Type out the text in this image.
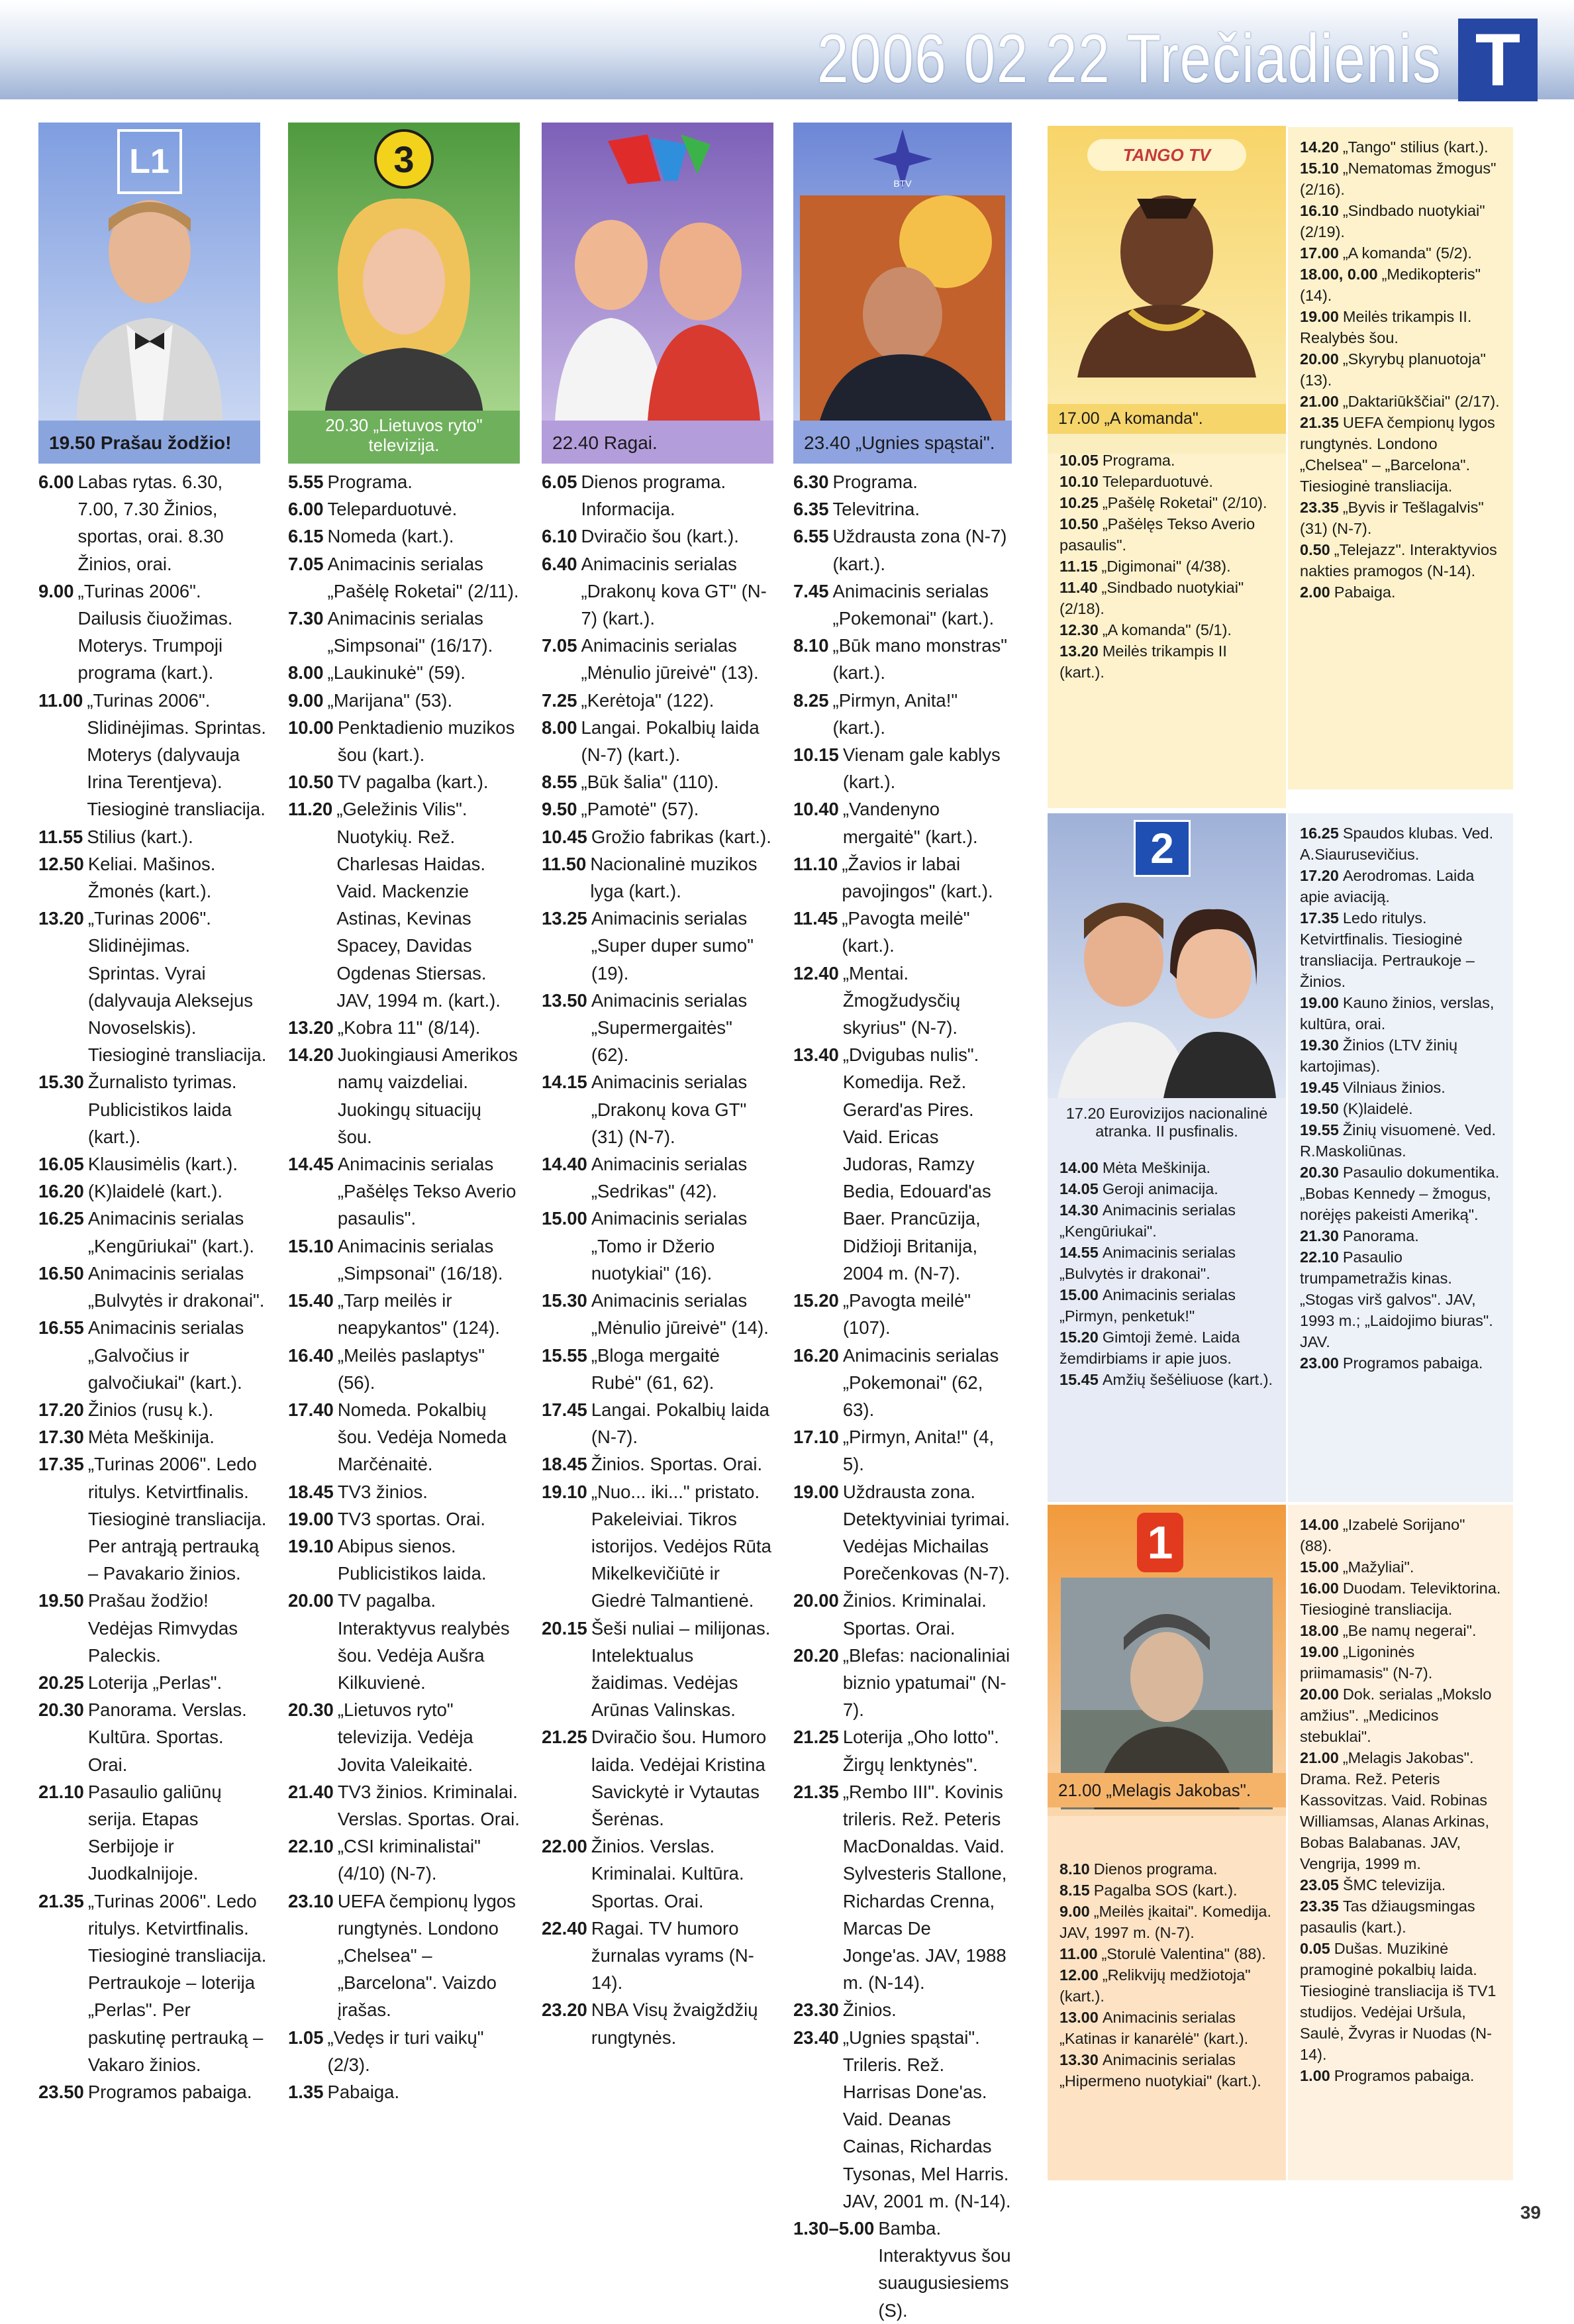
2006 02 22 Trečiadienis T
L1
19.50 Prašau žodžio!
6.00 Labas rytas. 6.30, 7.00, 7.30 Žinios, sportas, orai. 8.30 Žinios, orai.
9.00 „Turinas 2006". Dailusis čiuožimas. Moterys. Trumpoji programa (kart.).
11.00 „Turinas 2006". Slidinėjimas. Sprintas. Moterys (dalyvauja Irina Terentjeva). Tiesioginė transliacija.
11.55 Stilius (kart.).
12.50 Keliai. Mašinos. Žmonės (kart.).
13.20 „Turinas 2006". Slidinėjimas. Sprintas. Vyrai (dalyvauja Aleksejus Novoselskis). Tiesioginė transliacija.
15.30 Žurnalisto tyrimas. Publicistikos laida (kart.).
16.05 Klausimėlis (kart.).
16.20 (K)laidelė (kart.).
16.25 Animacinis serialas „Kengūriukai" (kart.).
16.50 Animacinis serialas „Bulvytės ir drakonai".
16.55 Animacinis serialas „Galvočius ir galvočiukai" (kart.).
17.20 Žinios (rusų k.).
17.30 Mėta Meškinija.
17.35 „Turinas 2006". Ledo ritulys. Ketvirtfinalis. Tiesioginė transliacija. Per antrąją pertrauką – Pavakario žinios.
19.50 Prašau žodžio! Vedėjas Rimvydas Paleckis.
20.25 Loterija „Perlas".
20.30 Panorama. Verslas. Kultūra. Sportas. Orai.
21.10 Pasaulio galiūnų serija. Etapas Serbijoje ir Juodkalnijoje.
21.35 „Turinas 2006". Ledo ritulys. Ketvirtfinalis. Tiesioginė transliacija. Pertraukoje – loterija „Perlas". Per paskutinę pertrauką – Vakaro žinios.
23.50 Programos pabaiga.
3
20.30 „Lietuvos ryto" televizija.
5.55 Programa.
6.00 Teleparduotuvė.
6.15 Nomeda (kart.).
7.05 Animacinis serialas „Pašėlę Roketai" (2/11).
7.30 Animacinis serialas „Simpsonai" (16/17).
8.00 „Laukinukė" (59).
9.00 „Marijana" (53).
10.00 Penktadienio muzikos šou (kart.).
10.50 TV pagalba (kart.).
11.20 „Geležinis Vilis". Nuotykių. Rež. Charlesas Haidas. Vaid. Mackenzie Astinas, Kevinas Spacey, Davidas Ogdenas Stiersas. JAV, 1994 m. (kart.).
13.20 „Kobra 11" (8/14).
14.20 Juokingiausi Amerikos namų vaizdeliai. Juokingų situacijų šou.
14.45 Animacinis serialas „Pašėlęs Tekso Averio pasaulis".
15.10 Animacinis serialas „Simpsonai" (16/18).
15.40 „Tarp meilės ir neapykantos" (124).
16.40 „Meilės paslaptys" (56).
17.40 Nomeda. Pokalbių šou. Vedėja Nomeda Marčėnaitė.
18.45 TV3 žinios.
19.00 TV3 sportas. Orai.
19.10 Abipus sienos. Publicistikos laida.
20.00 TV pagalba. Interaktyvus realybės šou. Vedėja Aušra Kilkuvienė.
20.30 „Lietuvos ryto" televizija. Vedėja Jovita Valeikaitė.
21.40 TV3 žinios. Kriminalai. Verslas. Sportas. Orai.
22.10 „CSI kriminalistai" (4/10) (N-7).
23.10 UEFA čempionų lygos rungtynės. Londono „Chelsea" – „Barcelona". Vaizdo įrašas.
1.05 „Vedęs ir turi vaikų" (2/3).
1.35 Pabaiga.
22.40 Ragai.
6.05 Dienos programa. Informacija.
6.10 Dviračio šou (kart.).
6.40 Animacinis serialas „Drakonų kova GT" (N-7) (kart.).
7.05 Animacinis serialas „Mėnulio jūreivė" (13).
7.25 „Kerėtoja" (122).
8.00 Langai. Pokalbių laida (N-7) (kart.).
8.55 „Būk šalia" (110).
9.50 „Pamotė" (57).
10.45 Grožio fabrikas (kart.).
11.50 Nacionalinė muzikos lyga (kart.).
13.25 Animacinis serialas „Super duper sumo" (19).
13.50 Animacinis serialas „Supermergaitės" (62).
14.15 Animacinis serialas „Drakonų kova GT" (31) (N-7).
14.40 Animacinis serialas „Sedrikas" (42).
15.00 Animacinis serialas „Tomo ir Džerio nuotykiai" (16).
15.30 Animacinis serialas „Mėnulio jūreivė" (14).
15.55 „Bloga mergaitė Rubė" (61, 62).
17.45 Langai. Pokalbių laida (N-7).
18.45 Žinios. Sportas. Orai.
19.10 „Nuo... iki..." pristato. Pakeleiviai. Tikros istorijos. Vedėjos Rūta Mikelkevičiūtė ir Giedrė Talmantienė.
20.15 Šeši nuliai – milijonas. Intelektualus žaidimas. Vedėjas Arūnas Valinskas.
21.25 Dviračio šou. Humoro laida. Vedėjai Kristina Savickytė ir Vytautas Šerėnas.
22.00 Žinios. Verslas. Kriminalai. Kultūra. Sportas. Orai.
22.40 Ragai. TV humoro žurnalas vyrams (N-14).
23.20 NBA Visų žvaigždžių rungtynės.
BTV
23.40 „Ugnies spąstai".
6.30 Programa.
6.35 Televitrina.
6.55 Uždrausta zona (N-7) (kart.).
7.45 Animacinis serialas „Pokemonai" (kart.).
8.10 „Būk mano monstras" (kart.).
8.25 „Pirmyn, Anita!" (kart.).
10.15 Vienam gale kablys (kart.).
10.40 „Vandenyno mergaitė" (kart.).
11.10 „Žavios ir labai pavojingos" (kart.).
11.45 „Pavogta meilė" (kart.).
12.40 „Mentai. Žmogžudysčių skyrius" (N-7).
13.40 „Dvigubas nulis". Komedija. Rež. Gerard'as Pires. Vaid. Ericas Judoras, Ramzy Bedia, Edouard'as Baer. Prancūzija, Didžioji Britanija, 2004 m. (N-7).
15.20 „Pavogta meilė" (107).
16.20 Animacinis serialas „Pokemonai" (62, 63).
17.10 „Pirmyn, Anita!" (4, 5).
19.00 Uždrausta zona. Detektyviniai tyrimai. Vedėjas Michailas Porečenkovas (N-7).
20.00 Žinios. Kriminalai. Sportas. Orai.
20.20 „Blefas: nacionaliniai biznio ypatumai" (N-7).
21.25 Loterija „Oho lotto". Žirgų lenktynės".
21.35 „Rembo III". Kovinis trileris. Rež. Peteris MacDonaldas. Vaid. Sylvesteris Stallone, Richardas Crenna, Marcas De Jonge'as. JAV, 1988 m. (N-14).
23.30 Žinios.
23.40 „Ugnies spąstai". Trileris. Rež. Harrisas Done'as. Vaid. Deanas Cainas, Richardas Tysonas, Mel Harris. JAV, 2001 m. (N-14).
1.30–5.00 Bamba. Interaktyvus šou suaugusiesiems (S).
TANGO TV
17.00 „A komanda".
10.05 Programa.
10.10 Teleparduotuvė.
10.25 „Pašėlę Roketai" (2/10).
10.50 „Pašėlęs Tekso Averio pasaulis".
11.15 „Digimonai" (4/38).
11.40 „Sindbado nuotykiai" (2/18).
12.30 „A komanda" (5/1).
13.20 Meilės trikampis II (kart.).
14.20 „Tango" stilius (kart.).
15.10 „Nematomas žmogus" (2/16).
16.10 „Sindbado nuotykiai" (2/19).
17.00 „A komanda" (5/2).
18.00, 0.00 „Medikopteris" (14).
19.00 Meilės trikampis II. Realybės šou.
20.00 „Skyrybų planuotoja" (13).
21.00 „Daktariūkščiai" (2/17).
21.35 UEFA čempionų lygos rungtynės. Londono „Chelsea" – „Barcelona". Tiesioginė transliacija.
23.35 „Byvis ir Tešlagalvis" (31) (N-7).
0.50 „Telejazz". Interaktyvios nakties pramogos (N-14).
2.00 Pabaiga.
2
17.20 Eurovizijos nacionalinė atranka. II pusfinalis.
14.00 Mėta Meškinija.
14.05 Geroji animacija.
14.30 Animacinis serialas „Kengūriukai".
14.55 Animacinis serialas „Bulvytės ir drakonai".
15.00 Animacinis serialas „Pirmyn, penketuk!"
15.20 Gimtoji žemė. Laida žemdirbiams ir apie juos.
15.45 Amžių šešėliuose (kart.).
16.25 Spaudos klubas. Ved. A.Siaurusevičius.
17.20 Aerodromas. Laida apie aviaciją.
17.35 Ledo ritulys. Ketvirtfinalis. Tiesioginė transliacija. Pertraukoje – Žinios.
19.00 Kauno žinios, verslas, kultūra, orai.
19.30 Žinios (LTV žinių kartojimas).
19.45 Vilniaus žinios.
19.50 (K)laidelė.
19.55 Žinių visuomenė. Ved. R.Maskoliūnas.
20.30 Pasaulio dokumentika. „Bobas Kennedy – žmogus, norėjęs pakeisti Ameriką".
21.30 Panorama.
22.10 Pasaulio trumpametražis kinas. „Stogas virš galvos". JAV, 1993 m.; „Laidojimo biuras". JAV.
23.00 Programos pabaiga.
1
21.00 „Melagis Jakobas".
8.10 Dienos programa.
8.15 Pagalba SOS (kart.).
9.00 „Meilės įkaitai". Komedija. JAV, 1997 m. (N-7).
11.00 „Storulė Valentina" (88).
12.00 „Relikvijų medžiotoja" (kart.).
13.00 Animacinis serialas „Katinas ir kanarėlė" (kart.).
13.30 Animacinis serialas „Hipermeno nuotykiai" (kart.).
14.00 „Izabelė Sorijano" (88).
15.00 „Mažyliai".
16.00 Duodam. Televiktorina. Tiesioginė transliacija.
18.00 „Be namų negerai".
19.00 „Ligoninės priimamasis" (N-7).
20.00 Dok. serialas „Mokslo amžius". „Medicinos stebuklai".
21.00 „Melagis Jakobas". Drama. Rež. Peteris Kassovitzas. Vaid. Robinas Williamsas, Alanas Arkinas, Bobas Balabanas. JAV, Vengrija, 1999 m.
23.05 ŠMC televizija.
23.35 Tas džiaugsmingas pasaulis (kart.).
0.05 Dušas. Muzikinė pramoginė pokalbių laida. Tiesioginė transliacija iš TV1 studijos. Vedėjai Uršula, Saulė, Žvyras ir Nuodas (N-14).
1.00 Programos pabaiga.
39
